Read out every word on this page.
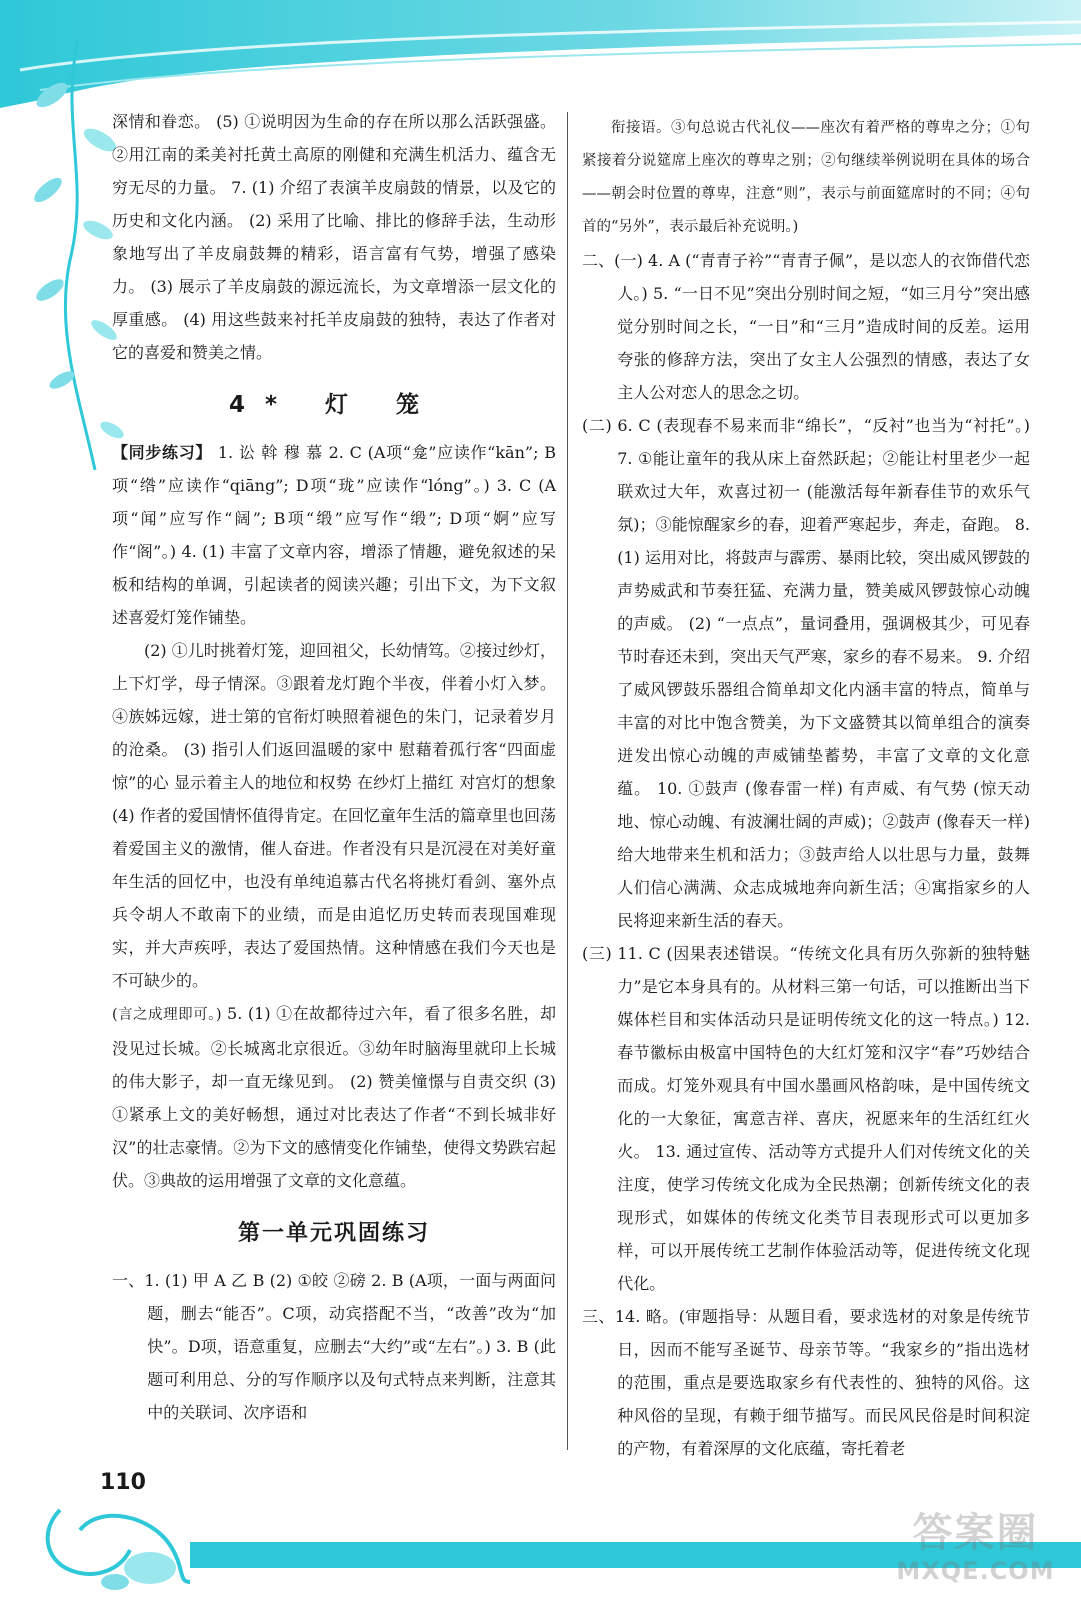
110
答案圈
MXQE.COM

深情和眷恋。 (5) ①说明因为生命的存在所以那么活跃强盛。 ②用江南的柔美衬托黄土高原的刚健和充满生机活力、蕴含无穷无尽的力量。 7. (1) 介绍了表演羊皮扇鼓的情景，以及它的历史和文化内涵。 (2) 采用了比喻、排比的修辞手法，生动形象地写出了羊皮扇鼓舞的精彩，语言富有气势，增强了感染力。 (3) 展示了羊皮扇鼓的源远流长，为文章增添一层文化的厚重感。 (4) 用这些鼓来衬托羊皮扇鼓的独特，表达了作者对它的喜爱和赞美之情。

4* 灯 笼

【同步练习】 1. 讼 斡 穆 慕 2. C (A项“龛”应读作“kān”; B项“绺”应读作“qiāng”; D项“珑”应读作“lóng”。) 3. C (A项“闻”应写作“阔”; B项“缎”应写作“缎”; D项“婀”应写作“阁”。) 4. (1) 丰富了文章内容，增添了情趣，避免叙述的呆板和结构的单调，引起读者的阅读兴趣；引出下文，为下文叙述喜爱灯笼作铺垫。

(2) ①儿时挑着灯笼，迎回祖父，长幼情笃。②接过纱灯，上下灯学，母子情深。③跟着龙灯跑个半夜，伴着小灯入梦。④族姊远嫁，进士第的官衔灯映照着褪色的朱门，记录着岁月的沧桑。 (3) 指引人们返回温暖的家中 慰藉着孤行客“四面虚惊”的心 显示着主人的地位和权势 在纱灯上描红 对宫灯的想象 (4) 作者的爱国情怀值得肯定。在回忆童年生活的篇章里也回荡着爱国主义的激情，催人奋进。作者没有只是沉浸在对美好童年生活的回忆中，也没有单纯追慕古代名将挑灯看剑、塞外点兵令胡人不敢南下的业绩，而是由追忆历史转而表现国难现实，并大声疾呼，表达了爱国热情。这种情感在我们今天也是不可缺少的。

(言之成理即可。) 5. (1) ①在故都待过六年，看了很多名胜，却没见过长城。②长城离北京很近。③幼年时脑海里就印上长城的伟大影子，却一直无缘见到。 (2) 赞美憧憬与自责交织 (3) ①紧承上文的美好畅想，通过对比表达了作者“不到长城非好汉”的壮志豪情。②为下文的感情变化作铺垫，使得文势跌宕起伏。③典故的运用增强了文章的文化意蕴。

第一单元巩固练习

一、1. (1) 甲 A 乙 B (2) ①皎 ②磅 2. B (A项，一面与两面问题，删去“能否”。C项，动宾搭配不当，“改善”改为“加快”。D项，语意重复，应删去“大约”或“左右”。) 3. B (此题可利用总、分的写作顺序以及句式特点来判断，注意其中的关联词、次序语和

衔接语。③句总说古代礼仪——座次有着严格的尊卑之分；①句紧接着分说筵席上座次的尊卑之别；②句继续举例说明在具体的场合——朝会时位置的尊卑，注意“则”，表示与前面筵席时的不同；④句首的“另外”，表示最后补充说明。)

二、(一) 4. A (“青青子衿”“青青子佩”，是以恋人的衣饰借代恋人。) 5. “一日不见”突出分别时间之短，“如三月兮”突出感觉分别时间之长，“一日”和“三月”造成时间的反差。运用夸张的修辞方法，突出了女主人公强烈的情感，表达了女主人公对恋人的思念之切。

(二) 6. C (表现春不易来而非“绵长”，“反衬”也当为“衬托”。) 7. ①能让童年的我从床上奋然跃起；②能让村里老少一起联欢过大年，欢喜过初一 (能激活每年新春佳节的欢乐气氛)；③能惊醒家乡的春，迎着严寒起步，奔走，奋跑。 8. (1) 运用对比，将鼓声与霹雳、暴雨比较，突出威风锣鼓的声势威武和节奏狂猛、充满力量，赞美威风锣鼓惊心动魄的声威。 (2) “一点点”，量词叠用，强调极其少，可见春节时春还未到，突出天气严寒，家乡的春不易来。 9. 介绍了威风锣鼓乐器组合简单却文化内涵丰富的特点，简单与丰富的对比中饱含赞美，为下文盛赞其以简单组合的演奏迸发出惊心动魄的声威铺垫蓄势，丰富了文章的文化意蕴。 10. ①鼓声 (像春雷一样) 有声威、有气势 (惊天动地、惊心动魄、有波澜壮阔的声威)；②鼓声 (像春天一样) 给大地带来生机和活力；③鼓声给人以壮思与力量，鼓舞人们信心满满、众志成城地奔向新生活；④寓指家乡的人民将迎来新生活的春天。

(三) 11. C (因果表述错误。“传统文化具有历久弥新的独特魅力”是它本身具有的。从材料三第一句话，可以推断出当下媒体栏目和实体活动只是证明传统文化的这一特点。) 12. 春节徽标由极富中国特色的大红灯笼和汉字“春”巧妙结合而成。灯笼外观具有中国水墨画风格韵味，是中国传统文化的一大象征，寓意吉祥、喜庆，祝愿来年的生活红红火火。 13. 通过宣传、活动等方式提升人们对传统文化的关注度，使学习传统文化成为全民热潮；创新传统文化的表现形式，如媒体的传统文化类节目表现形式可以更加多样，可以开展传统工艺制作体验活动等，促进传统文化现代化。

三、14. 略。(审题指导：从题目看，要求选材的对象是传统节日，因而不能写圣诞节、母亲节等。“我家乡的”指出选材的范围，重点是要选取家乡有代表性的、独特的风俗。这种风俗的呈现，有赖于细节描写。而民风民俗是时间积淀的产物，有着深厚的文化底蕴，寄托着老
